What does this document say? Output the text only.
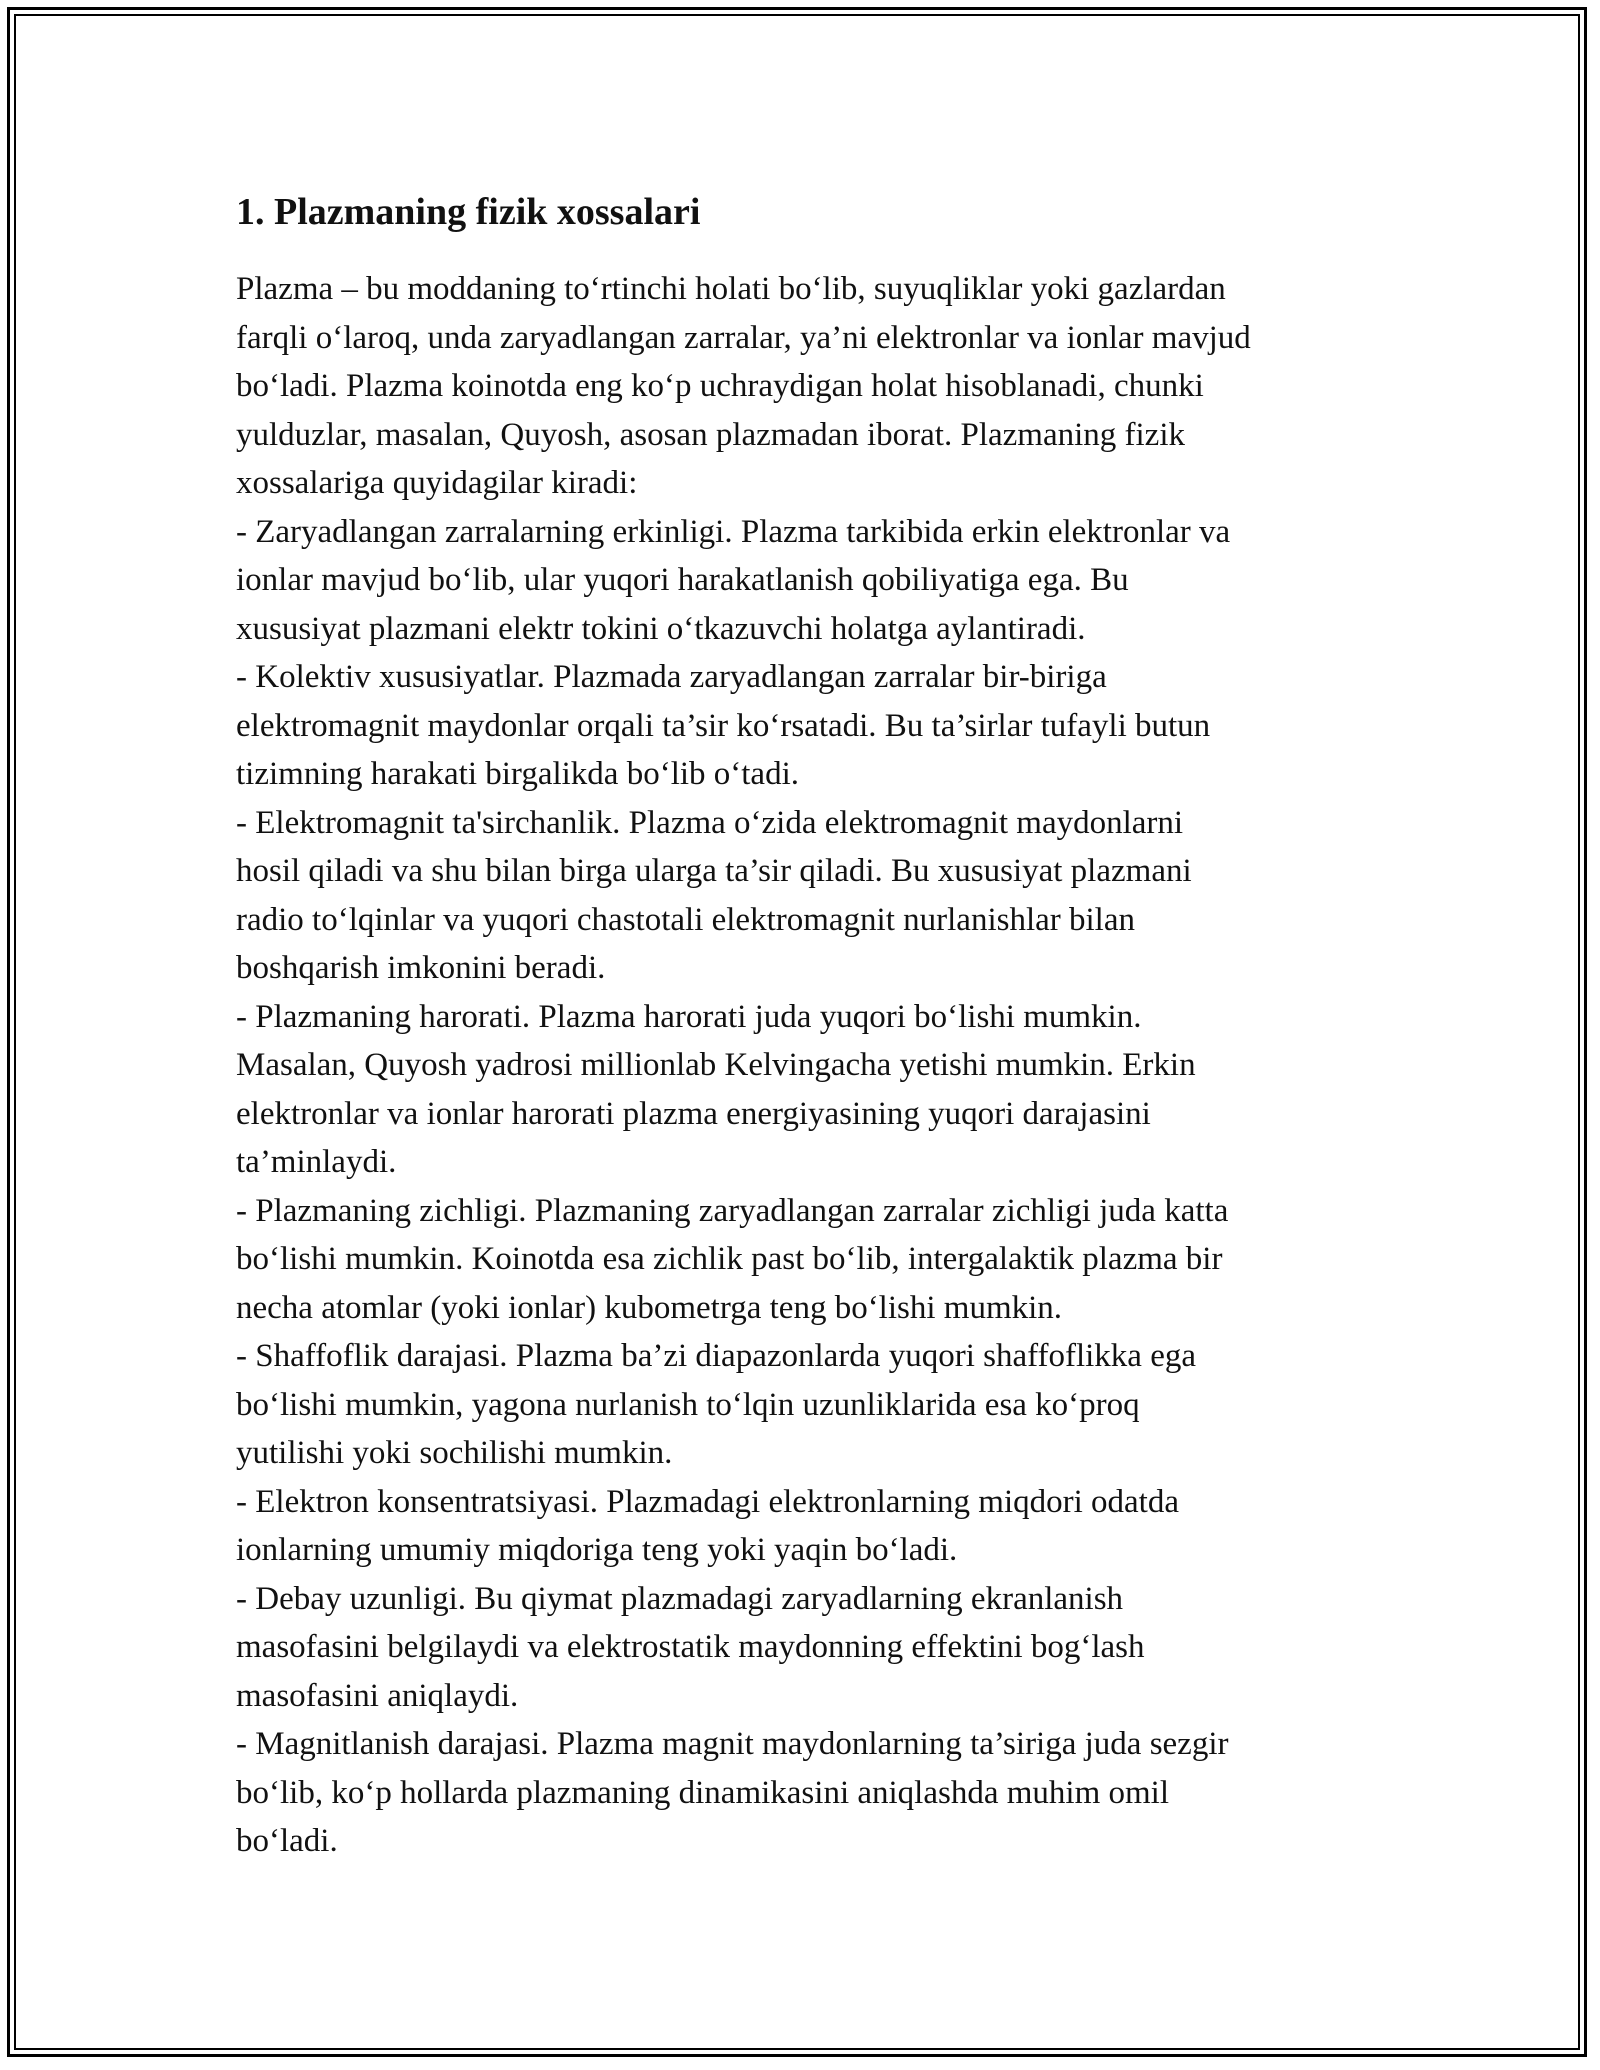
1. Plazmaning fizik xossalari

Plazma – bu moddaning to‘rtinchi holati bo‘lib, suyuqliklar yoki gazlardan
farqli o‘laroq, unda zaryadlangan zarralar, ya’ni elektronlar va ionlar mavjud
bo‘ladi. Plazma koinotda eng ko‘p uchraydigan holat hisoblanadi, chunki
yulduzlar, masalan, Quyosh, asosan plazmadan iborat. Plazmaning fizik
xossalariga quyidagilar kiradi:

- Zaryadlangan zarralarning erkinligi. Plazma tarkibida erkin elektronlar va
ionlar mavjud bo‘lib, ular yuqori harakatlanish qobiliyatiga ega. Bu
xususiyat plazmani elektr tokini o‘tkazuvchi holatga aylantiradi.

- Kolektiv xususiyatlar. Plazmada zaryadlangan zarralar bir-biriga
elektromagnit maydonlar orqali ta’sir ko‘rsatadi. Bu ta’sirlar tufayli butun
tizimning harakati birgalikda bo‘lib o‘tadi.

- Elektromagnit ta'sirchanlik. Plazma o‘zida elektromagnit maydonlarni
hosil qiladi va shu bilan birga ularga ta’sir qiladi. Bu xususiyat plazmani
radio to‘lqinlar va yuqori chastotali elektromagnit nurlanishlar bilan
boshqarish imkonini beradi.

- Plazmaning harorati. Plazma harorati juda yuqori bo‘lishi mumkin.
Masalan, Quyosh yadrosi millionlab Kelvingacha yetishi mumkin. Erkin
elektronlar va ionlar harorati plazma energiyasining yuqori darajasini
ta’minlaydi.

- Plazmaning zichligi. Plazmaning zaryadlangan zarralar zichligi juda katta
bo‘lishi mumkin. Koinotda esa zichlik past bo‘lib, intergalaktik plazma bir
necha atomlar (yoki ionlar) kubometrga teng bo‘lishi mumkin.

- Shaffoflik darajasi. Plazma ba’zi diapazonlarda yuqori shaffoflikka ega
bo‘lishi mumkin, yagona nurlanish to‘lqin uzunliklarida esa ko‘proq
yutilishi yoki sochilishi mumkin.

- Elektron konsentratsiyasi. Plazmadagi elektronlarning miqdori odatda
ionlarning umumiy miqdoriga teng yoki yaqin bo‘ladi.

- Debay uzunligi. Bu qiymat plazmadagi zaryadlarning ekranlanish
masofasini belgilaydi va elektrostatik maydonning effektini bog‘lash
masofasini aniqlaydi.

- Magnitlanish darajasi. Plazma magnit maydonlarning ta’siriga juda sezgir
bo‘lib, ko‘p hollarda plazmaning dinamikasini aniqlashda muhim omil
bo‘ladi.
